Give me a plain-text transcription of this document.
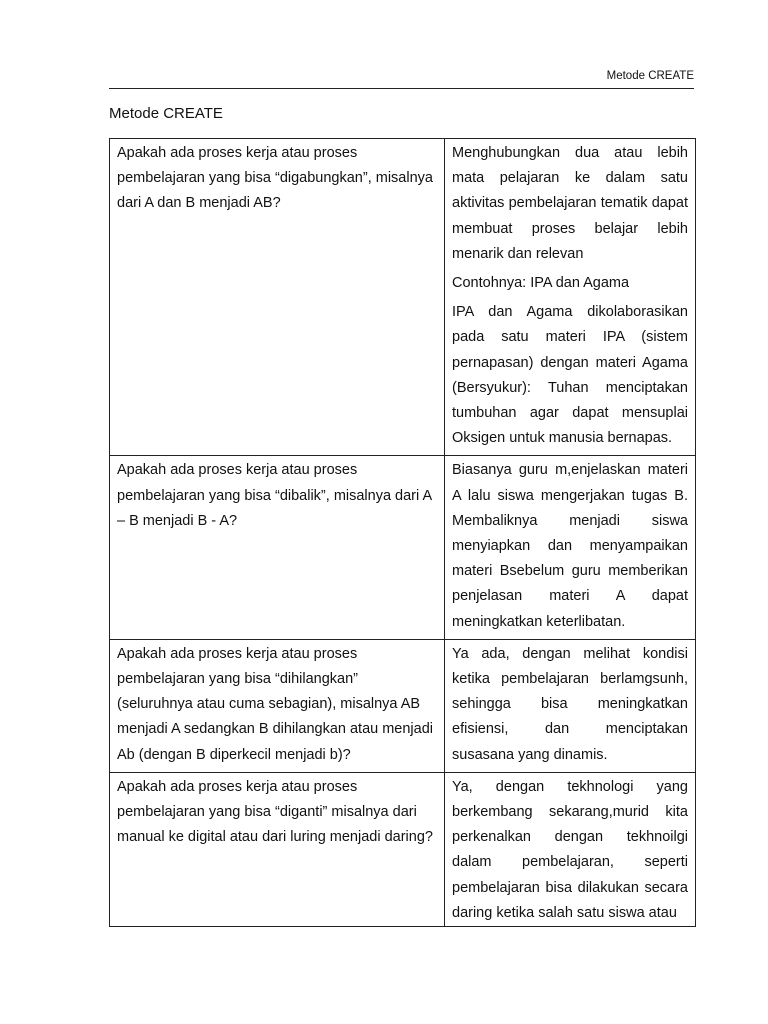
Metode CREATE
Metode CREATE
Apakah ada proses kerja atau proses pembelajaran yang bisa “digabungkan”, misalnya dari A dan B menjadi AB?	Menghubungkan dua atau lebih mata pelajaran ke dalam satu aktivitas pembelajaran tematik dapat membuat proses belajar lebih menarik dan relevan

Contohnya: IPA dan Agama

IPA dan Agama dikolaborasikan pada satu materi IPA (sistem pernapasan) dengan materi Agama (Bersyukur): Tuhan menciptakan tumbuhan agar dapat mensuplai Oksigen untuk manusia bernapas.

Apakah ada proses kerja atau proses pembelajaran yang bisa “dibalik”, misalnya dari A – B menjadi B - A?	Biasanya guru m,enjelaskan materi A lalu siswa mengerjakan tugas B. Membaliknya menjadi siswa menyiapkan dan menyampaikan materi Bsebelum guru memberikan penjelasan materi A dapat meningkatkan keterlibatan.

Apakah ada proses kerja atau proses pembelajaran yang bisa “dihilangkan” (seluruhnya atau cuma sebagian), misalnya AB menjadi A sedangkan B dihilangkan atau menjadi Ab (dengan B diperkecil menjadi b)?	Ya ada, dengan melihat kondisi ketika pembelajaran berlamgsunh, sehingga bisa meningkatkan efisiensi, dan menciptakan susasana yang dinamis.

Apakah ada proses kerja atau proses pembelajaran yang bisa “diganti” misalnya dari manual ke digital atau dari luring menjadi daring?	Ya, dengan tekhnologi yang berkembang sekarang,murid kita perkenalkan dengan tekhnoilgi dalam pembelajaran, seperti pembelajaran bisa dilakukan secara daring ketika salah satu siswa atau
